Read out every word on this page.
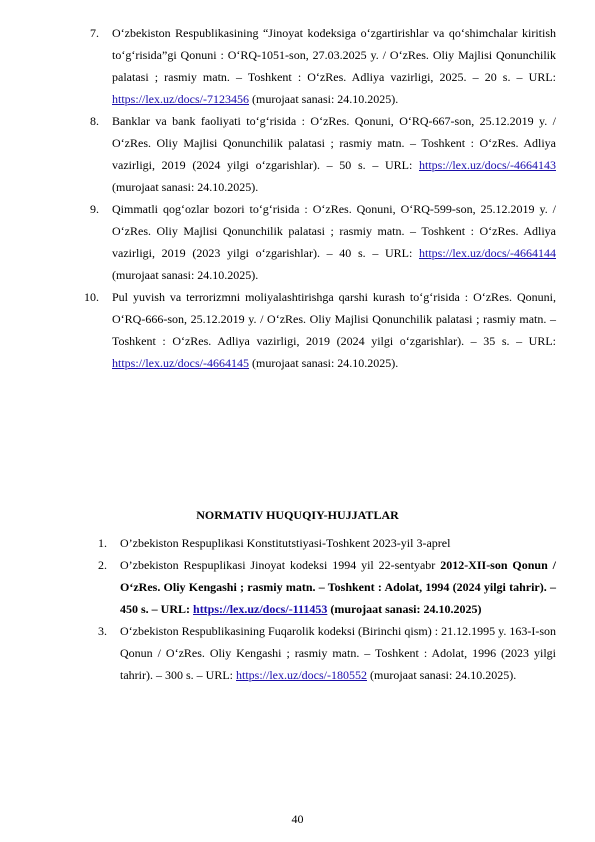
7.	O‘zbekiston Respublikasining “Jinoyat kodeksiga o‘zgartirishlar va qo‘shimchalar kiritish to‘g‘risida”gi Qonuni : O‘RQ-1051-son, 27.03.2025 y. / O‘zRes. Oliy Majlisi Qonunchilik palatasi ; rasmiy matn. – Toshkent : O‘zRes. Adliya vazirligi, 2025. – 20 s. – URL: https://lex.uz/docs/-7123456 (murojaat sanasi: 24.10.2025).
8.	Banklar va bank faoliyati to‘g‘risida : O‘zRes. Qonuni, O‘RQ-667-son, 25.12.2019 y. / O‘zRes. Oliy Majlisi Qonunchilik palatasi ; rasmiy matn. – Toshkent : O‘zRes. Adliya vazirligi, 2019 (2024 yilgi o‘zgarishlar). – 50 s. – URL: https://lex.uz/docs/-4664143 (murojaat sanasi: 24.10.2025).
9.	Qimmatli qog‘ozlar bozori to‘g‘risida : O‘zRes. Qonuni, O‘RQ-599-son, 25.12.2019 y. / O‘zRes. Oliy Majlisi Qonunchilik palatasi ; rasmiy matn. – Toshkent : O‘zRes. Adliya vazirligi, 2019 (2023 yilgi o‘zgarishlar). – 40 s. – URL: https://lex.uz/docs/-4664144 (murojaat sanasi: 24.10.2025).
10.	Pul yuvish va terrorizmni moliyalashtirishga qarshi kurash to‘g‘risida : O‘zRes. Qonuni, O‘RQ-666-son, 25.12.2019 y. / O‘zRes. Oliy Majlisi Qonunchilik palatasi ; rasmiy matn. – Toshkent : O‘zRes. Adliya vazirligi, 2019 (2024 yilgi o‘zgarishlar). – 35 s. – URL: https://lex.uz/docs/-4664145 (murojaat sanasi: 24.10.2025).
NORMATIV HUQUQIY-HUJJATLAR
1.	O’zbekiston Respuplikasi Konstitutstiyasi-Toshkent 2023-yil 3-aprel
2.	O’zbekiston Respuplikasi Jinoyat kodeksi 1994 yil 22-sentyabr 2012-XII-son Qonun / O‘zRes. Oliy Kengashi ; rasmiy matn. – Toshkent : Adolat, 1994 (2024 yilgi tahrir). – 450 s. – URL: https://lex.uz/docs/-111453 (murojaat sanasi: 24.10.2025)
3.	O‘zbekiston Respublikasining Fuqarolik kodeksi (Birinchi qism) : 21.12.1995 y. 163-I-son Qonun / O‘zRes. Oliy Kengashi ; rasmiy matn. – Toshkent : Adolat, 1996 (2023 yilgi tahrir). – 300 s. – URL: https://lex.uz/docs/-180552 (murojaat sanasi: 24.10.2025).
40
